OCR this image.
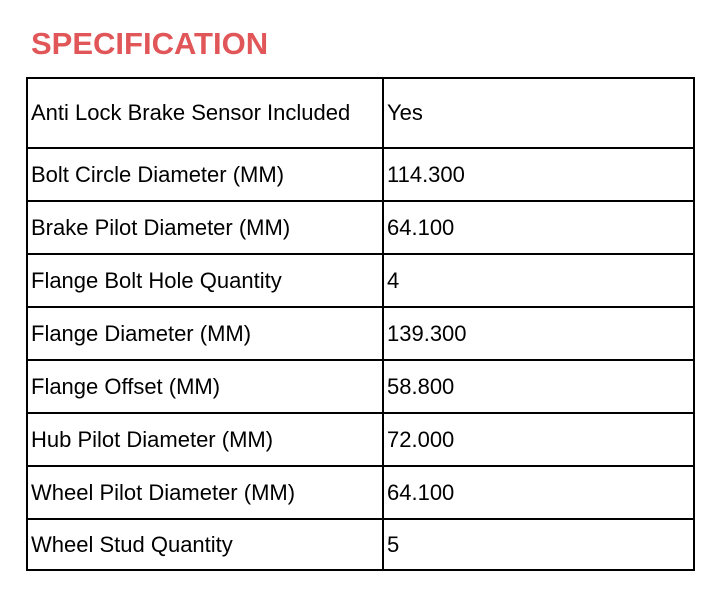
SPECIFICATION
Anti Lock Brake Sensor Included	Yes
Bolt Circle Diameter (MM)	114.300
Brake Pilot Diameter (MM)	64.100
Flange Bolt Hole Quantity	4
Flange Diameter (MM)	139.300
Flange Offset (MM)	58.800
Hub Pilot Diameter (MM)	72.000
Wheel Pilot Diameter (MM)	64.100
Wheel Stud Quantity	5
